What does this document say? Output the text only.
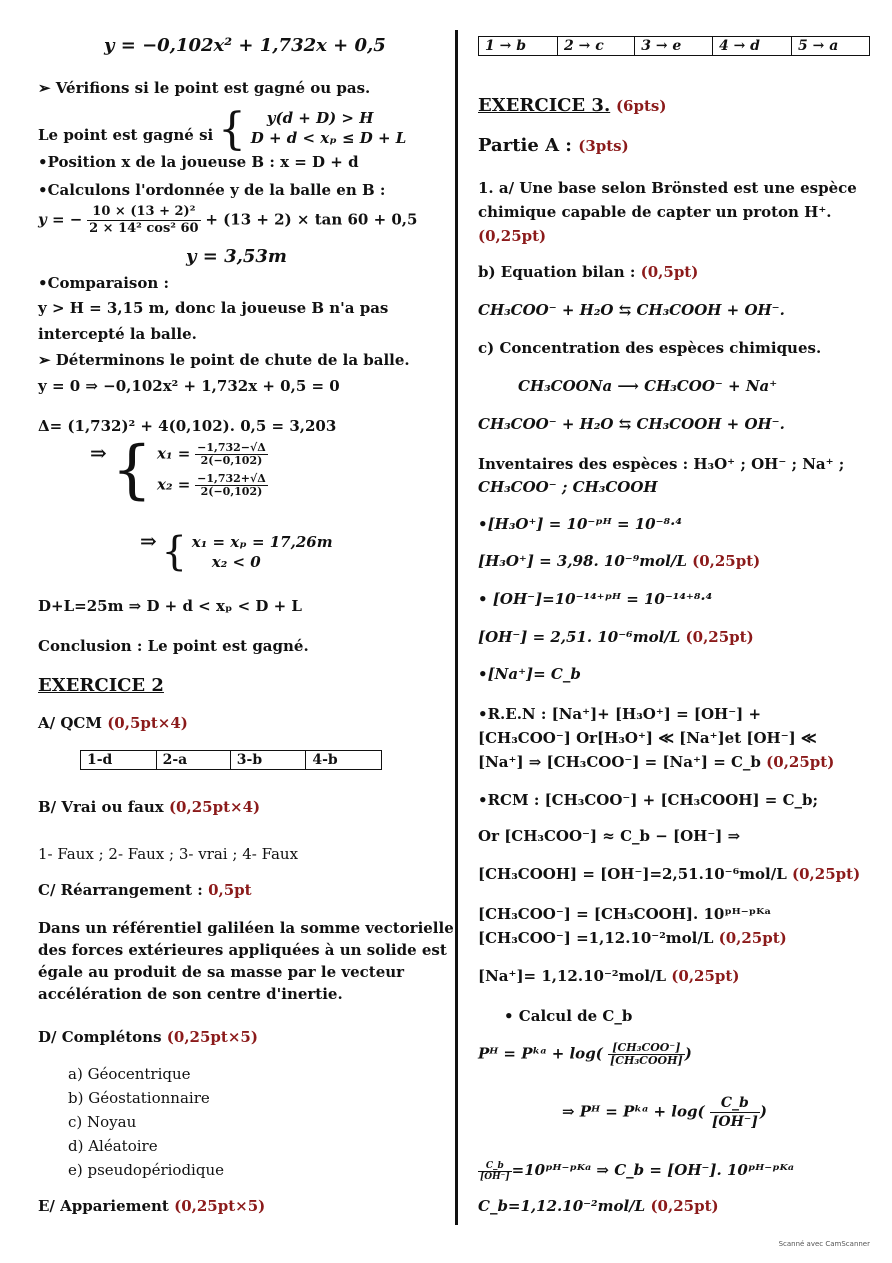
y = −0,102x² + 1,732x + 0,5
➢ Vérifions si le point est gagné ou pas.
Le point est gagné si {	y(d + D) > H
D + d < xₚ ≤ D + L
•Position x de la joueuse B : x = D + d
•Calculons l'ordonnée y de la balle en B :
y = − $\frac{\text{10 × (13 + 2)²}}{\text{2 × 14² cos² 60}} + (13 + 2) \times \tan 60 + 0,5$
y = 3,53m
•Comparaison :
y > H = 3,15 m, donc la joueuse B n'a pas
intercepté la balle.
➢ Déterminons le point de chute de la balle.
y = 0 ⇒ −0,102x² + 1,732x + 0,5 = 0
Δ= (1,732)² + 4(0,102). 0,5 = 3,203
⇒ { $x_1 = \frac{-1,732-√\Delta}{2(-0,102)}$
$x_2 = \frac{-1,732+√\Delta}{2(-0,102)}$
⇒ { x₁ = xₚ = 17,26m
x₂ < 0
D+L=25m ⇒ D + d < xₚ < D + L
Conclusion : Le point est gagné.
EXERCICE 2
A/ QCM (0,5pt×4)
1-d	2-a	3-b	4-b
B/ Vrai ou faux (0,25pt×4)
1- Faux ; 2- Faux ; 3- vrai ; 4- Faux
C/ Réarrangement : 0,5pt
Dans un référentiel galiléen la somme vectorielle
des forces extérieures appliquées à un solide est
égale au produit de sa masse par le vecteur
accélération de son centre d'inertie.
D/ Complétons (0,25pt×5)
a) Géocentrique
b) Géostationnaire
c) Noyau
d) Aléatoire
e) pseudopériodique
E/ Appariement (0,25pt×5)
1 → b	2 → c	3 → e	4 → d	5 → a
EXERCICE 3. (6pts)
Partie A : (3pts)
1. a/ Une base selon Brönsted est une espèce
chimique capable de capter un proton H⁺.
(0,25pt)
b) Equation bilan : (0,5pt)
CH₃COO⁻ + H₂O ⇆ CH₃COOH + OH⁻.
c) Concentration des espèces chimiques.
CH₃COONa ⟶ CH₃COO⁻ + Na⁺
CH₃COO⁻ + H₂O ⇆ CH₃COOH + OH⁻.
Inventaires des espèces : H₃O⁺ ; OH⁻ ; Na⁺ ;
CH₃COO⁻ ; CH₃COOH
•[H₃O⁺] = 10⁻ᵖᴴ = 10⁻⁸·⁴
[H₃O⁺] = 3,98. 10⁻⁹mol/L (0,25pt)
• [OH⁻]=10⁻¹⁴⁺ᵖᴴ = 10⁻¹⁴⁺⁸·⁴
[OH⁻] = 2,51. 10⁻⁶mol/L (0,25pt)
•[Na⁺]= C_b
•R.E.N : [Na⁺]+ [H₃O⁺] = [OH⁻] +
[CH₃COO⁻] Or[H₃O⁺] ≪ [Na⁺]et [OH⁻] ≪
[Na⁺] ⇒ [CH₃COO⁻] = [Na⁺] = C_b (0,25pt)
•RCM : [CH₃COO⁻] + [CH₃COOH] = C_b;
Or [CH₃COO⁻] ≈ C_b − [OH⁻] ⇒
[CH₃COOH] = [OH⁻]=2,51.10⁻⁶mol/L (0,25pt)
[CH₃COO⁻] = [CH₃COOH]. 10ᵖᴴ⁻ᵖᴷᵃ
[CH₃COO⁻] =1,12.10⁻²mol/L (0,25pt)
[Na⁺]= 1,12.10⁻²mol/L (0,25pt)
• Calcul de C_b
Pᴴ = Pᵏᵃ + $\log( \frac{\text{[CH₃COO⁻]}}{\text{[CH₃COOH]}}$ )
⇒ Pᴴ = Pᵏᵃ + $\log( \frac{C\_b}{[OH^-]}$ )
$\frac{C\_b}{[OH^-]}$ =10ᵖᴴ⁻ᵖᴷᵃ ⇒ C_b = [OH⁻]. 10ᵖᴴ⁻ᵖᴷᵃ
C_b=1,12.10⁻²mol/L (0,25pt)
Scanné avec CamScanner
